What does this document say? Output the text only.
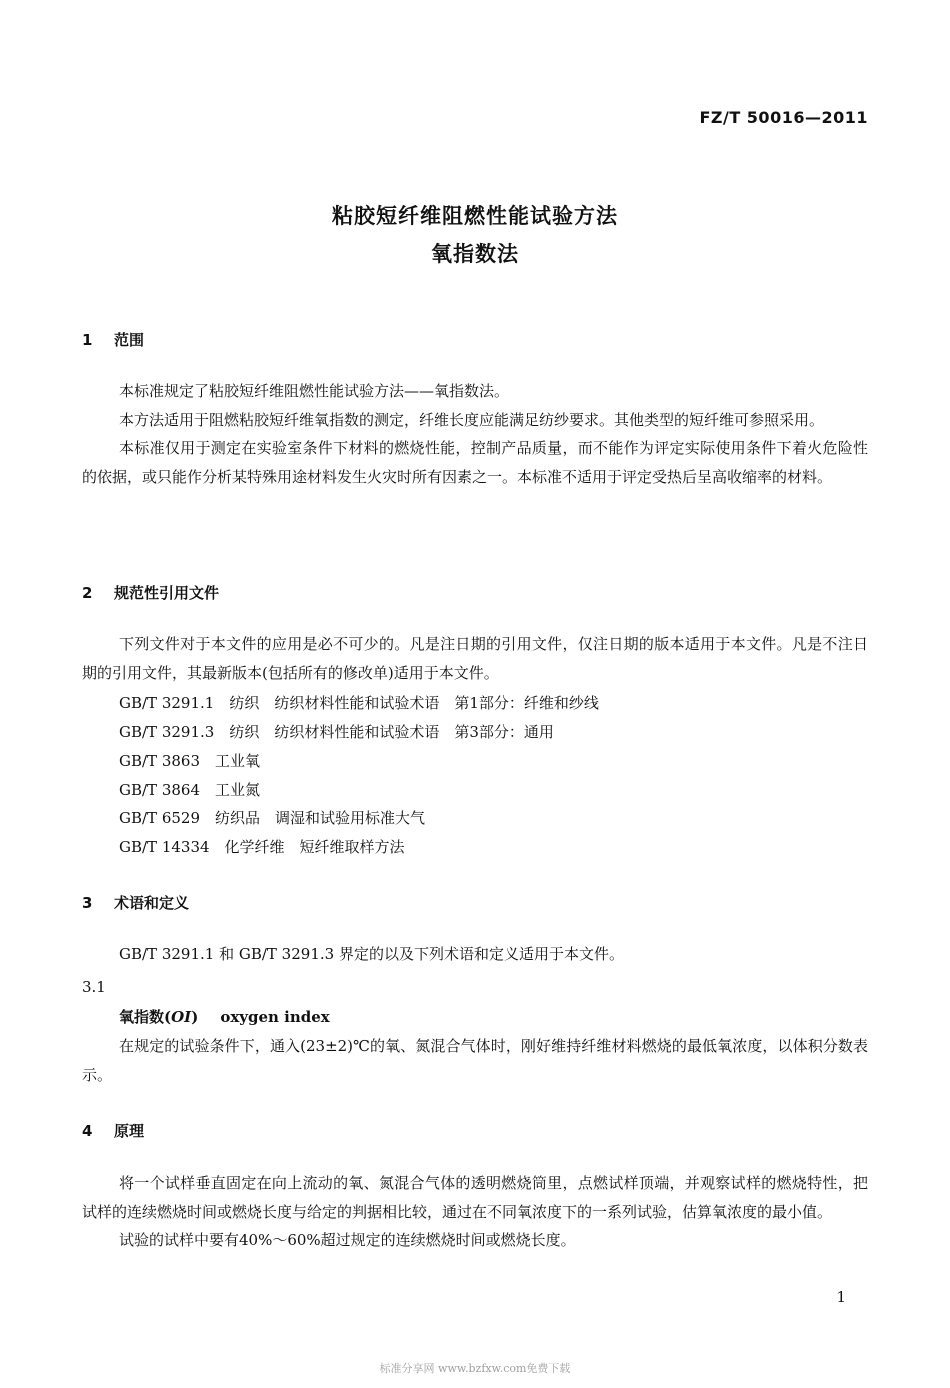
FZ/T 50016—2011
粘胶短纤维阻燃性能试验方法
氧指数法
1 范围

本标准规定了粘胶短纤维阻燃性能试验方法——氧指数法。

本方法适用于阻燃粘胶短纤维氧指数的测定，纤维长度应能满足纺纱要求。其他类型的短纤维可参照采用。

本标准仅用于测定在实验室条件下材料的燃烧性能，控制产品质量，而不能作为评定实际使用条件下着火危险性的依据，或只能作分析某特殊用途材料发生火灾时所有因素之一。本标准不适用于评定受热后呈高收缩率的材料。

2 规范性引用文件

下列文件对于本文件的应用是必不可少的。凡是注日期的引用文件，仅注日期的版本适用于本文件。凡是不注日期的引用文件，其最新版本(包括所有的修改单)适用于本文件。

GB/T 3291.1　纺织　纺织材料性能和试验术语　第1部分：纤维和纱线
GB/T 3291.3　纺织　纺织材料性能和试验术语　第3部分：通用
GB/T 3863　工业氧
GB/T 3864　工业氮
GB/T 6529　纺织品　调湿和试验用标准大气
GB/T 14334　化学纤维　短纤维取样方法
3 术语和定义

GB/T 3291.1 和 GB/T 3291.3 界定的以及下列术语和定义适用于本文件。

3.1
氧指数(OI) oxygen index

在规定的试验条件下，通入(23±2)℃的氧、氮混合气体时，刚好维持纤维材料燃烧的最低氧浓度，以体积分数表示。

4 原理

将一个试样垂直固定在向上流动的氧、氮混合气体的透明燃烧筒里，点燃试样顶端，并观察试样的燃烧特性，把试样的连续燃烧时间或燃烧长度与给定的判据相比较，通过在不同氧浓度下的一系列试验，估算氧浓度的最小值。

试验的试样中要有40%～60%超过规定的连续燃烧时间或燃烧长度。

1
标准分享网 www.bzfxw.com免费下载
